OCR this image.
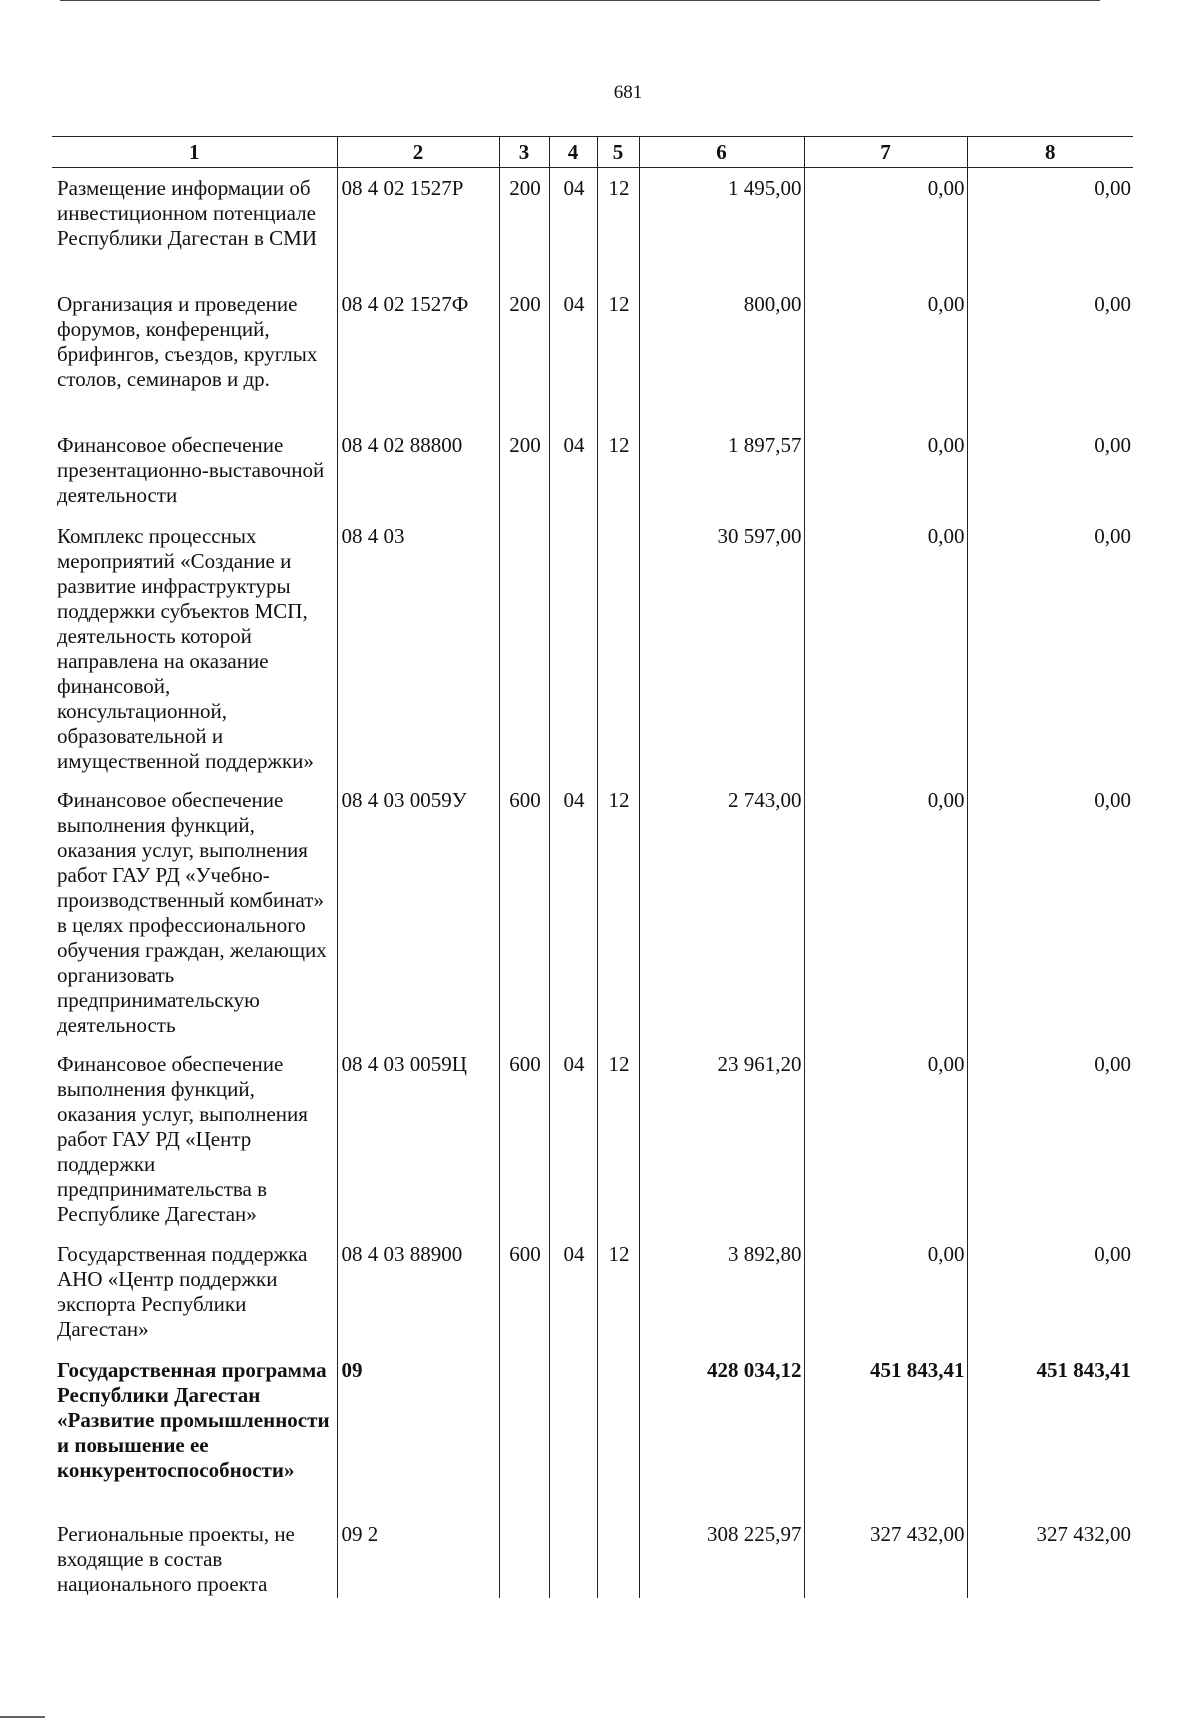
681
1	2	3	4	5	6	7	8
Размещение информации об инвестиционном потенциале Республики Дагестан в СМИ	08 4 02 1527Р	200	04	12	1 495,00	0,00	0,00
Организация и проведение форумов, конференций, брифингов, съездов, круглых столов, семинаров и др.	08 4 02 1527Ф	200	04	12	800,00	0,00	0,00
Финансовое обеспечение презентационно-выставочной деятельности	08 4 02 88800	200	04	12	1 897,57	0,00	0,00
Комплекс процессных мероприятий «Создание и развитие инфраструктуры поддержки субъектов МСП, деятельность которой направлена на оказание финансовой, консультационной, образовательной и имущественной поддержки»	08 4 03				30 597,00	0,00	0,00
Финансовое обеспечение выполнения функций, оказания услуг, выполнения работ ГАУ РД «Учебно-производственный комбинат» в целях профессионального обучения граждан, желающих организовать предпринимательскую деятельность	08 4 03 0059У	600	04	12	2 743,00	0,00	0,00
Финансовое обеспечение выполнения функций, оказания услуг, выполнения работ ГАУ РД «Центр поддержки предпринимательства в Республике Дагестан»	08 4 03 0059Ц	600	04	12	23 961,20	0,00	0,00
Государственная поддержка АНО «Центр поддержки экспорта Республики Дагестан»	08 4 03 88900	600	04	12	3 892,80	0,00	0,00
Государственная программа Республики Дагестан «Развитие промышленности и повышение ее конкурентоспособности»	09				428 034,12	451 843,41	451 843,41
Региональные проекты, не входящие в состав национального проекта	09 2				308 225,97	327 432,00	327 432,00
